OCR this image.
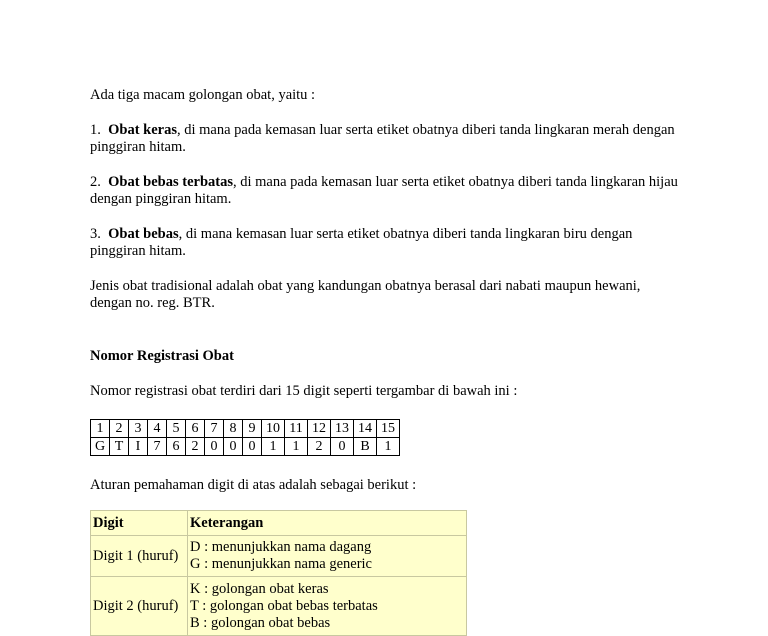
Ada tiga macam golongan obat, yaitu :

1. Obat keras, di mana pada kemasan luar serta etiket obatnya diberi tanda lingkaran merah dengan pinggiran hitam.

2. Obat bebas terbatas, di mana pada kemasan luar serta etiket obatnya diberi tanda lingkaran hijau dengan pinggiran hitam.

3. Obat bebas, di mana kemasan luar serta etiket obatnya diberi tanda lingkaran biru dengan pinggiran hitam.

Jenis obat tradisional adalah obat yang kandungan obatnya berasal dari nabati maupun hewani, dengan no. reg. BTR.

Nomor Registrasi Obat

Nomor registrasi obat terdiri dari 15 digit seperti tergambar di bawah ini :

1	2	3	4	5	6	7	8	9	10	11	12	13	14	15
G	T	I	7	6	2	0	0	0	1	1	2	0	B	1

Aturan pemahaman digit di atas adalah sebagai berikut :

Digit	Keterangan
Digit 1 (huruf)	D : menunjukkan nama dagang
G : menunjukkan nama generic

Digit 2 (huruf)	K : golongan obat keras
T : golongan obat bebas terbatas
B : golongan obat bebas
